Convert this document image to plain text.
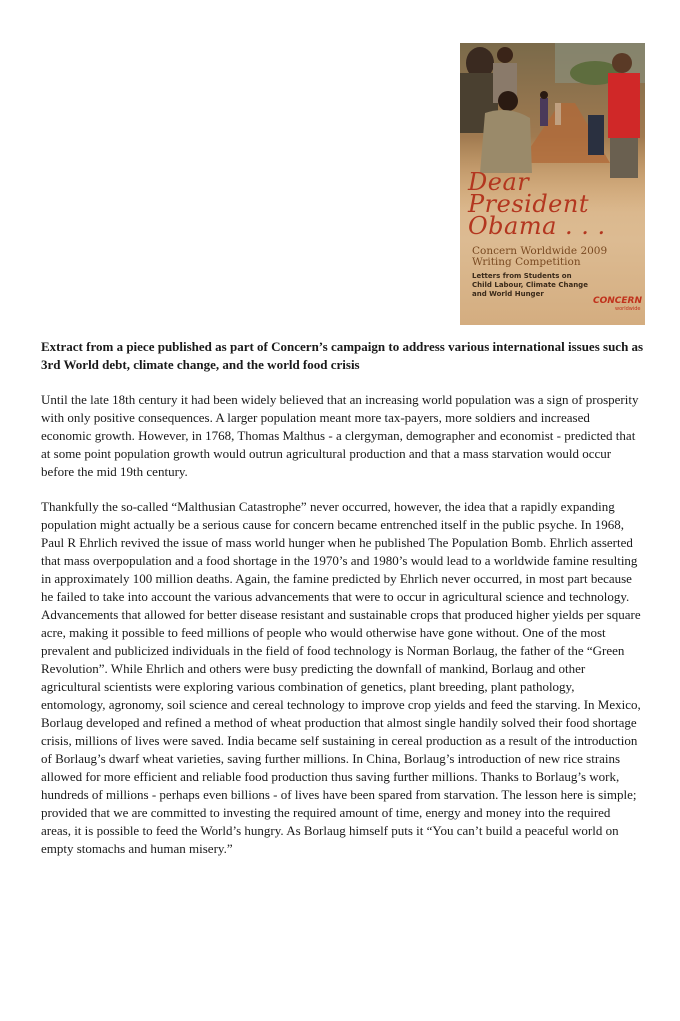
Dear
President
Obama . . .
Concern Worldwide 2009
Writing Competition
Letters from Students on
Child Labour, Climate Change
and World Hunger
CONCERN
worldwide

Extract from a piece published as part of Concern’s campaign to address various international issues such as 3rd World debt, climate change, and the world food crisis

Until the late 18th century it had been widely believed that an increasing world population was a sign of prosperity with only positive consequences. A larger population meant more tax-payers, more soldiers and increased economic growth. However, in 1768, Thomas Malthus - a clergyman, demographer and economist - predicted that at some point population growth would outrun agricultural production and that a mass starvation would occur before the mid 19th century.

Thankfully the so-called “Malthusian Catastrophe” never occurred, however, the idea that a rapidly expanding population might actually be a serious cause for concern became entrenched itself in the public psyche. In 1968, Paul R Ehrlich revived the issue of mass world hunger when he published The Population Bomb. Ehrlich asserted that mass overpopulation and a food shortage in the 1970’s and 1980’s would lead to a worldwide famine resulting in approximately 100 million deaths. Again, the famine predicted by Ehrlich never occurred, in most part because he failed to take into account the various advancements that were to occur in agricultural science and technology. Advancements that allowed for better disease resistant and sustainable crops that produced higher yields per square acre, making it possible to feed millions of people who would otherwise have gone without. One of the most prevalent and publicized individuals in the field of food technology is Norman Borlaug, the father of the “Green Revolution”. While Ehrlich and others were busy predicting the downfall of mankind, Borlaug and other agricultural scientists were exploring various combination of genetics, plant breeding, plant pathology, entomology, agronomy, soil science and cereal technology to improve crop yields and feed the starving. In Mexico, Borlaug developed and refined a method of wheat production that almost single handily solved their food shortage crisis, millions of lives were saved. India became self sustaining in cereal production as a result of the introduction of Borlaug’s dwarf wheat varieties, saving further millions. In China, Borlaug’s introduction of new rice strains allowed for more efficient and reliable food production thus saving further millions. Thanks to Borlaug’s work, hundreds of millions - perhaps even billions - of lives have been spared from starvation. The lesson here is simple; provided that we are committed to investing the required amount of time, energy and money into the required areas, it is possible to feed the World’s hungry. As Borlaug himself puts it “You can’t build a peaceful world on empty stomachs and human misery.”
